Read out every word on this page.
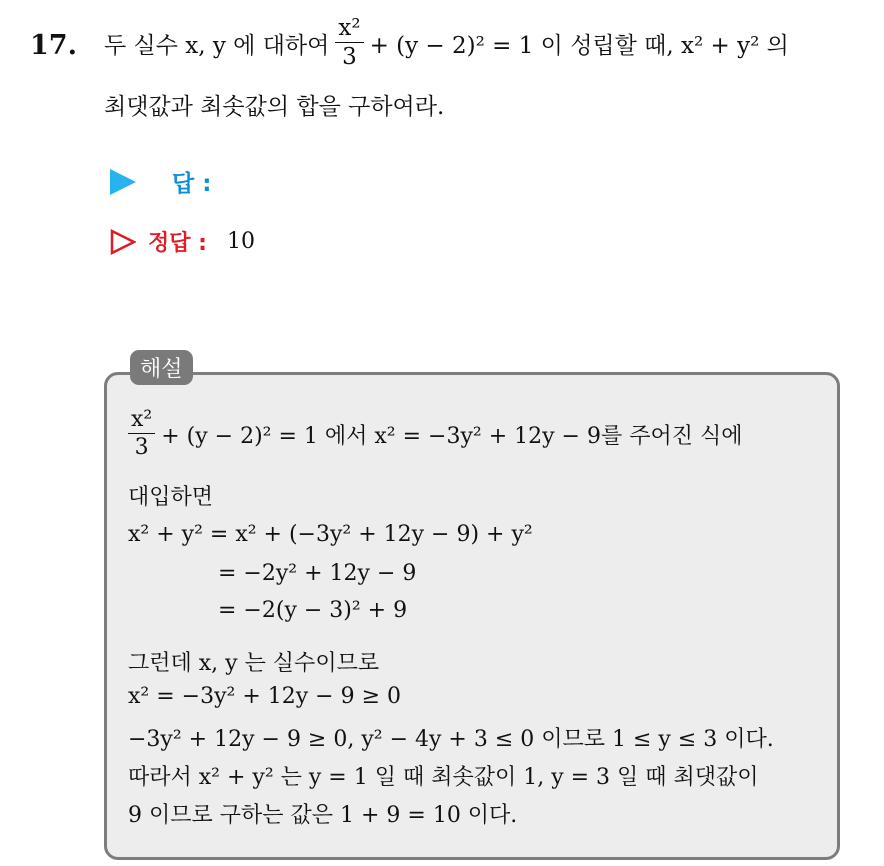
17. 두 실수 x, y 에 대하여 $\frac{\text{x²}}{3} + (y - 2)^2 = 1$ 이 성립할 때, x² + y² 의
최댓값과 최솟값의 합을 구하여라.
답 :
정답 : 10
해설
$\frac{\text{x²}}{3} + (y - 2)^2 = 1$ 에서 x² = −3y² + 12y − 9를 주어진 식에
대입하면
x² + y² = x² + (−3y² + 12y − 9) + y²
= −2y² + 12y − 9
= −2(y − 3)² + 9
그런데 x, y 는 실수이므로
x² = −3y² + 12y − 9 ≥ 0
−3y² + 12y − 9 ≥ 0, y² − 4y + 3 ≤ 0 이므로 1 ≤ y ≤ 3 이다.
따라서 x² + y² 는 y = 1 일 때 최솟값이 1, y = 3 일 때 최댓값이
9 이므로 구하는 값은 1 + 9 = 10 이다.
